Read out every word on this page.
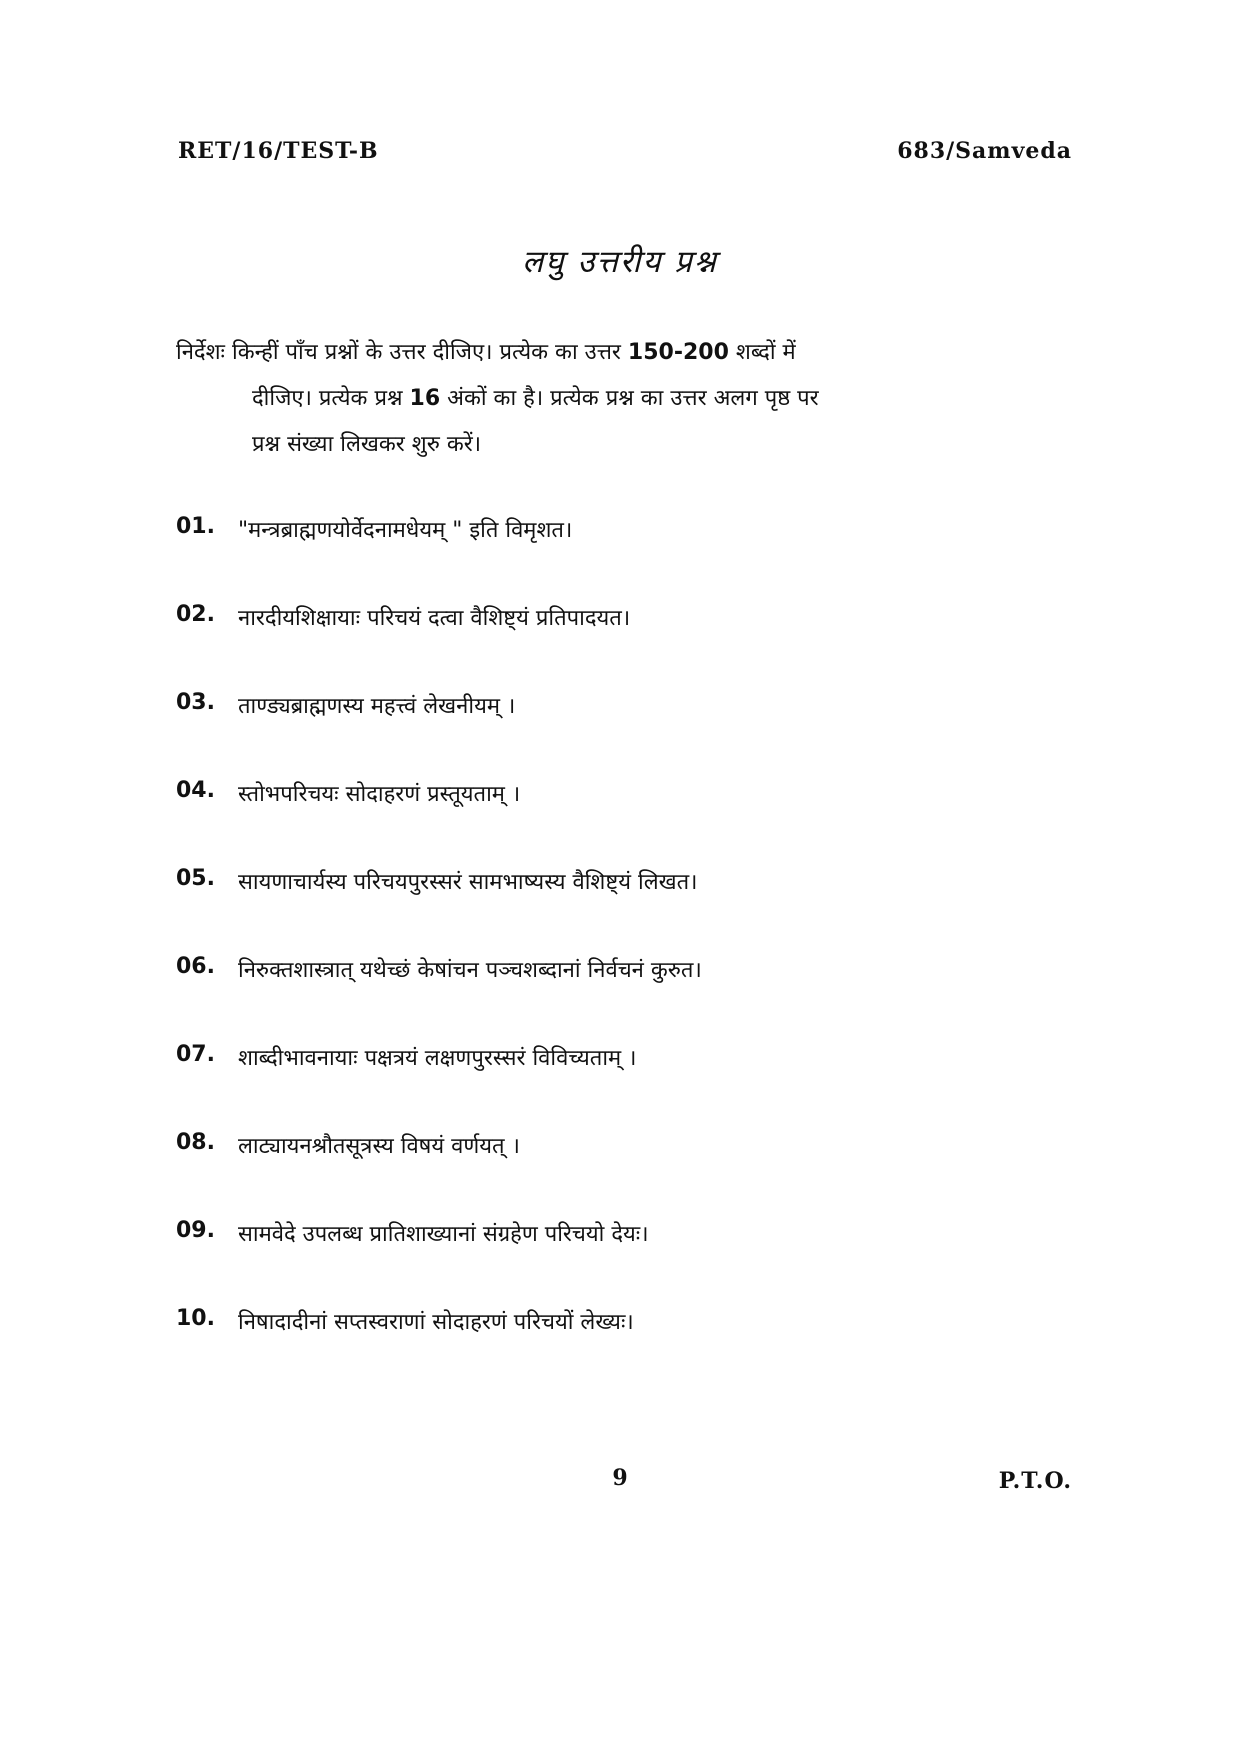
RET/16/TEST-B	683/Samveda
लघु उत्तरीय प्रश्न
निर्देशः किन्हीं पाँच प्रश्नों के उत्तर दीजिए। प्रत्येक का उत्तर 150-200 शब्दों में
दीजिए। प्रत्येक प्रश्न 16 अंकों का है। प्रत्येक प्रश्न का उत्तर अलग पृष्ठ पर
प्रश्न संख्या लिखकर शुरु करें।
01.	"मन्त्रब्राह्मणयोर्वेदनामधेयम् " इति विमृशत।
02.	नारदीयशिक्षायाः परिचयं दत्वा वैशिष्ट्यं प्रतिपादयत।
03.	ताण्ड्यब्राह्मणस्य महत्त्वं लेखनीयम् ।
04.	स्तोभपरिचयः सोदाहरणं प्रस्तूयताम् ।
05.	सायणाचार्यस्य परिचयपुरस्सरं सामभाष्यस्य वैशिष्ट्यं लिखत।
06.	निरुक्तशास्त्रात् यथेच्छं केषांचन पञ्चशब्दानां निर्वचनं कुरुत।
07.	शाब्दीभावनायाः पक्षत्रयं लक्षणपुरस्सरं विविच्यताम् ।
08.	लाट्यायनश्रौतसूत्रस्य विषयं वर्णयत् ।
09.	सामवेदे उपलब्ध प्रातिशाख्यानां संग्रहेण परिचयो देयः।
10.	निषादादीनां सप्तस्वराणां सोदाहरणं परिचयों लेख्यः।
9	P.T.O.
